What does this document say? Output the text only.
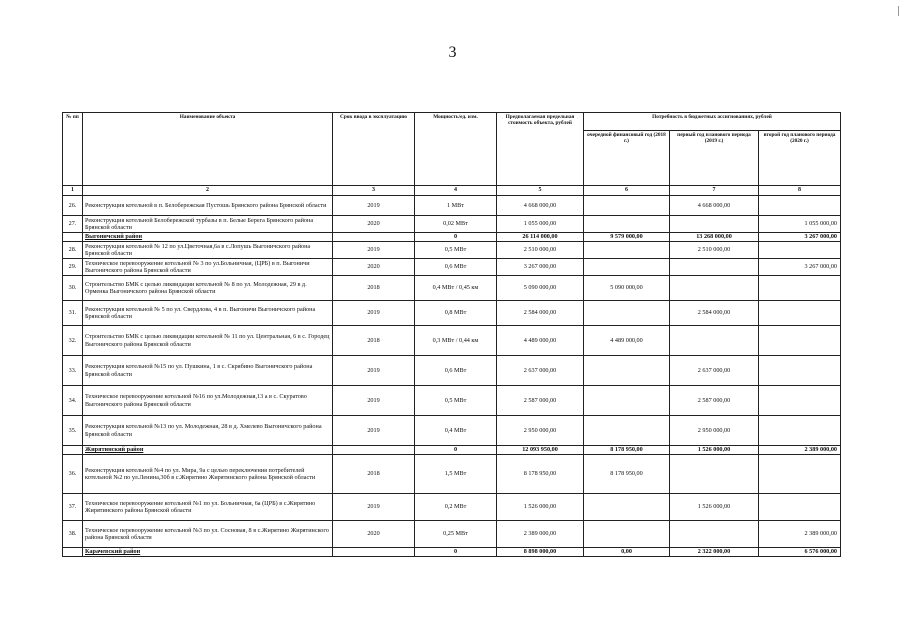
3
№ пп	Наименование объекта	Срок ввода в эксплуатацию	Мощность/ед. изм.	Предполагаемая предельная стоимость объекта, рублей	Потребность в бюджетных ассигнованиях, рублей		
					очередной финансовый год (2018 г.)	первый год планового периода (2019 г.)	второй год планового периода (2020 г.)
1	2	3	4	5	6	7	8
26.	Реконструкция котельной в п. Белобережская Пустошь Брянского района Брянской области	2019	1 МВт	4 668 000,00		4 668 000,00	
27.	Реконструкция котельной Белобережской турбазы в п. Белые Берега Брянского района Брянской области	2020	0,02 МВт	1 055 000,00			1 055 000,00
	Выгоничский район		0	26 114 000,00	9 579 000,00	13 268 000,00	3 267 000,00
28.	Реконструкция котельной № 12 по ул.Цветочная,6а в с.Лопушь Выгоничского района Брянской области	2019	0,5 МВт	2 510 000,00		2 510 000,00	
29.	Техническое перевооружение котельной № 3 по ул.Больничная, (ЦРБ) в п. Выгоничи Выгоничского района Брянской области	2020	0,6 МВт	3 267 000,00			3 267 000,00
30.	Строительство БМК с целью ликвидации котельной № 8 по ул. Молодежная, 29 в д. Орменка Выгоничского района Брянской области	2018	0,4 МВт / 0,45 км	5 090 000,00	5 090 000,00		
31.	Реконструкция котельной № 5 по ул. Свердлова, 4 в п. Выгоничи Выгоничского района Брянской области	2019	0,8 МВт	2 584 000,00		2 584 000,00	
32.	Строительство БМК с целью ликвидации котельной № 11 по ул. Центральная, 6 в с. Городец Выгоничского района Брянской области	2018	0,3 МВт / 0,44 км	4 489 000,00	4 489 000,00		
33.	Реконструкция котельной №15 по ул. Пушкина, 1 в с. Скрябино Выгоничского района Брянской области	2019	0,6 МВт	2 637 000,00		2 637 000,00	
34.	Техническое перевооружение котельной №16 по ул.Молодежная,13 а в с. Скуратово Выгоничского района Брянской области	2019	0,5 МВт	2 587 000,00		2 587 000,00	
35.	Реконструкция котельной №13 по ул. Молодежная, 28 в д. Хмелево Выгоничского района Брянской области	2019	0,4 МВт	2 950 000,00		2 950 000,00	
	Жирятинский район		0	12 093 950,00	8 178 950,00	1 526 000,00	2 389 000,00
36.	Реконструкция котельной №4 по ул. Мира, 9а с целью переключения потребителей котельной №2 по ул.Ленина,30б в с.Жирятино Жирятинского района Брянской области	2018	1,5 МВт	8 178 950,00	8 178 950,00		
37.	Техническое перевооружение котельной №1 по ул. Больничная, 6а (ЦРБ) в с.Жирятино Жирятинского района Брянской области	2019	0,2 МВт	1 526 000,00		1 526 000,00	
38.	Техническое перевооружение котельной №3 по ул. Сосновая, 8 в с.Жирятино Жирятинского района Брянской области	2020	0,25 МВт	2 389 000,00			2 389 000,00
	Карачевский район		0	8 898 000,00	0,00	2 322 000,00	6 576 000,00
